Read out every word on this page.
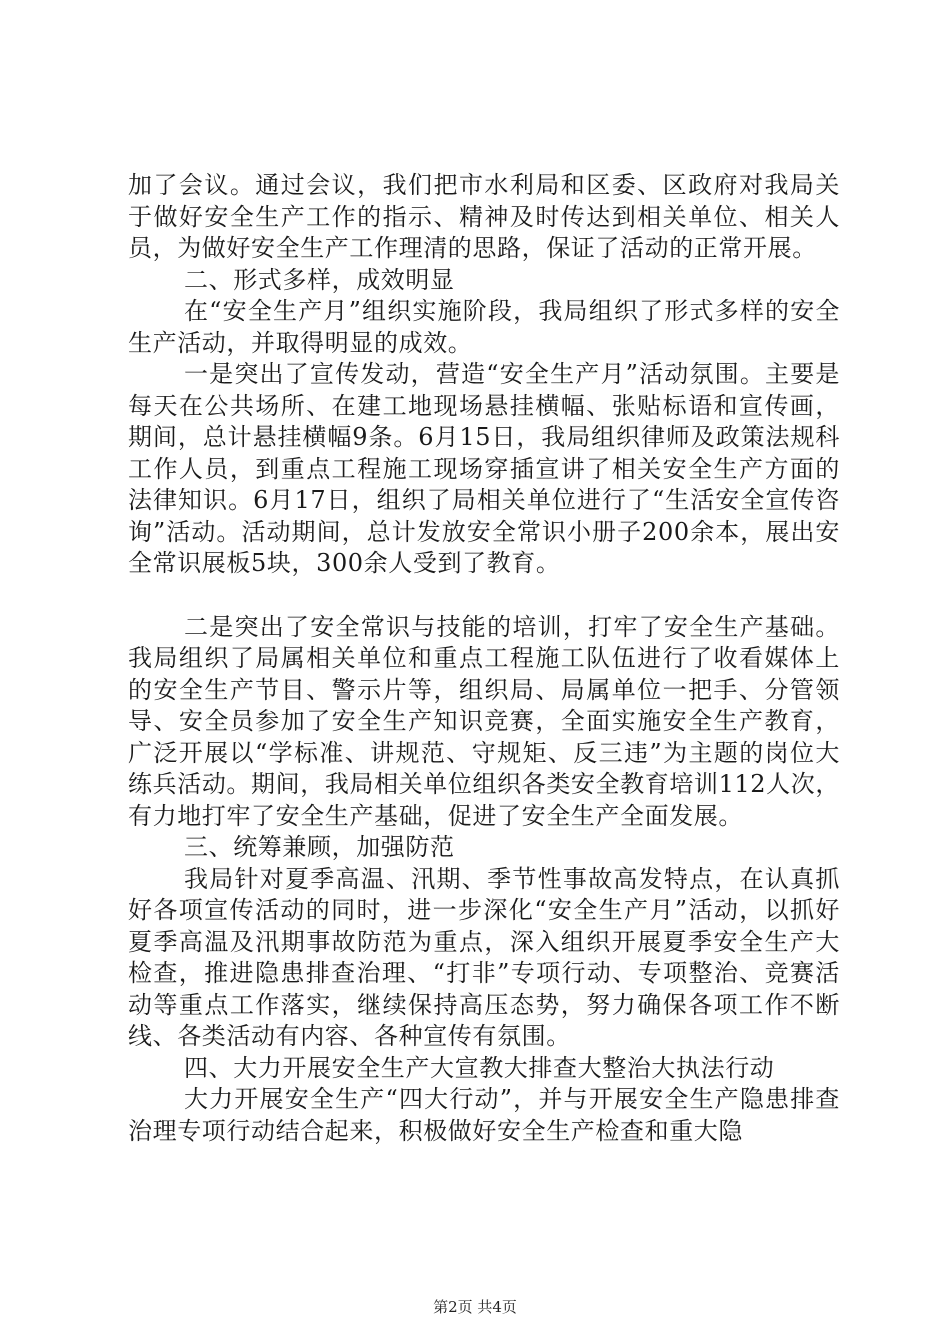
加了会议。通过会议，我们把市水利局和区委、区政府对我局关于做好安全生产工作的指示、精神及时传达到相关单位、相关人员，为做好安全生产工作理清的思路，保证了活动的正常开展。

二、形式多样，成效明显

在“安全生产月”组织实施阶段，我局组织了形式多样的安全生产活动，并取得明显的成效。

一是突出了宣传发动，营造“安全生产月”活动氛围。主要是每天在公共场所、在建工地现场悬挂横幅、张贴标语和宣传画，期间，总计悬挂横幅9条。6月15日，我局组织律师及政策法规科工作人员，到重点工程施工现场穿插宣讲了相关安全生产方面的法律知识。6月17日，组织了局相关单位进行了“生活安全宣传咨询”活动。活动期间，总计发放安全常识小册子200余本，展出安全常识展板5块，300余人受到了教育。

二是突出了安全常识与技能的培训，打牢了安全生产基础。我局组织了局属相关单位和重点工程施工队伍进行了收看媒体上的安全生产节目、警示片等，组织局、局属单位一把手、分管领导、安全员参加了安全生产知识竞赛，全面实施安全生产教育，广泛开展以“学标准、讲规范、守规矩、反三违”为主题的岗位大练兵活动。期间，我局相关单位组织各类安全教育培训112人次，有力地打牢了安全生产基础，促进了安全生产全面发展。

三、统筹兼顾，加强防范

我局针对夏季高温、汛期、季节性事故高发特点，在认真抓好各项宣传活动的同时，进一步深化“安全生产月”活动，以抓好夏季高温及汛期事故防范为重点，深入组织开展夏季安全生产大检查，推进隐患排查治理、“打非”专项行动、专项整治、竞赛活动等重点工作落实，继续保持高压态势，努力确保各项工作不断线、各类活动有内容、各种宣传有氛围。

四、大力开展安全生产大宣教大排查大整治大执法行动

大力开展安全生产“四大行动”，并与开展安全生产隐患排查治理专项行动结合起来，积极做好安全生产检查和重大隐

第2页 共4页
